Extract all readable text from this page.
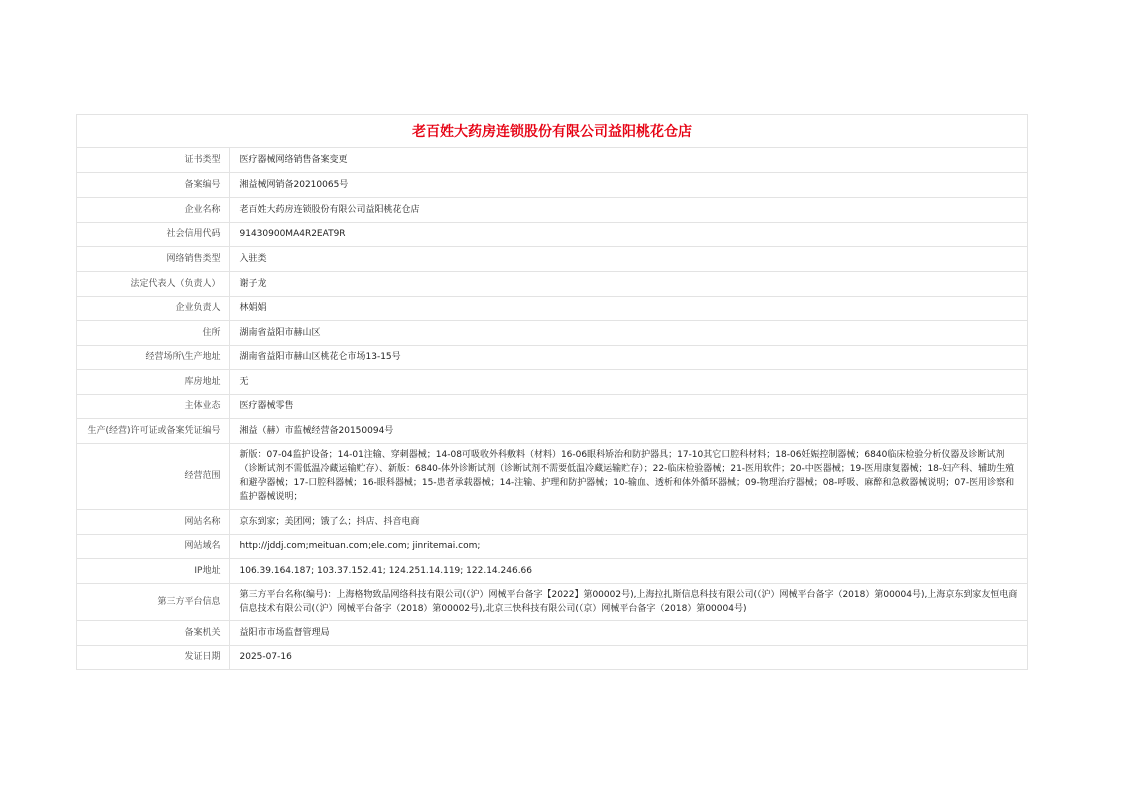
老百姓大药房连锁股份有限公司益阳桃花仓店
证书类型	医疗器械网络销售备案变更
备案编号	湘益械网销备20210065号
企业名称	老百姓大药房连锁股份有限公司益阳桃花仓店
社会信用代码	91430900MA4R2EAT9R
网络销售类型	入驻类
法定代表人（负责人）	谢子龙
企业负责人	林娟娟
住所	湖南省益阳市赫山区
经营场所\生产地址	湖南省益阳市赫山区桃花仑市场13-15号
库房地址	无
主体业态	医疗器械零售
生产(经营)许可证或备案凭证编号	湘益（赫）市监械经营备20150094号
经营范围	新版：07-04监护设备；14-01注输、穿刺器械；14-08可吸收外科敷料（材料）16-06眼科矫治和防护器具；17-10其它口腔科材料；18-06妊娠控制器械；6840临床检验分析仪器及诊断试剂（诊断试剂不需低温冷藏运输贮存）、新版：6840-体外诊断试剂（诊断试剂不需要低温冷藏运输贮存）；22-临床检验器械；21-医用软件；20-中医器械；19-医用康复器械；18-妇产科、辅助生殖和避孕器械；17-口腔科器械；16-眼科器械；15-患者承载器械；14-注输、护理和防护器械；10-输血、透析和体外循环器械；09-物理治疗器械；08-呼吸、麻醉和急救器械说明；07-医用诊察和监护器械说明；
网站名称	京东到家；美团网；饿了么；抖店、抖音电商
网站域名	http://jddj.com;meituan.com;ele.com; jinritemai.com;
IP地址	106.39.164.187; 103.37.152.41; 124.251.14.119; 122.14.246.66
第三方平台信息	第三方平台名称(编号)：上海格物致品网络科技有限公司(（沪）网械平台备字【2022】第00002号),上海拉扎斯信息科技有限公司(（沪）网械平台备字（2018）第00004号),上海京东到家友恒电商信息技术有限公司(（沪）网械平台备字（2018）第00002号),北京三快科技有限公司(（京）网械平台备字（2018）第00004号)
备案机关	益阳市市场监督管理局
发证日期	2025-07-16
